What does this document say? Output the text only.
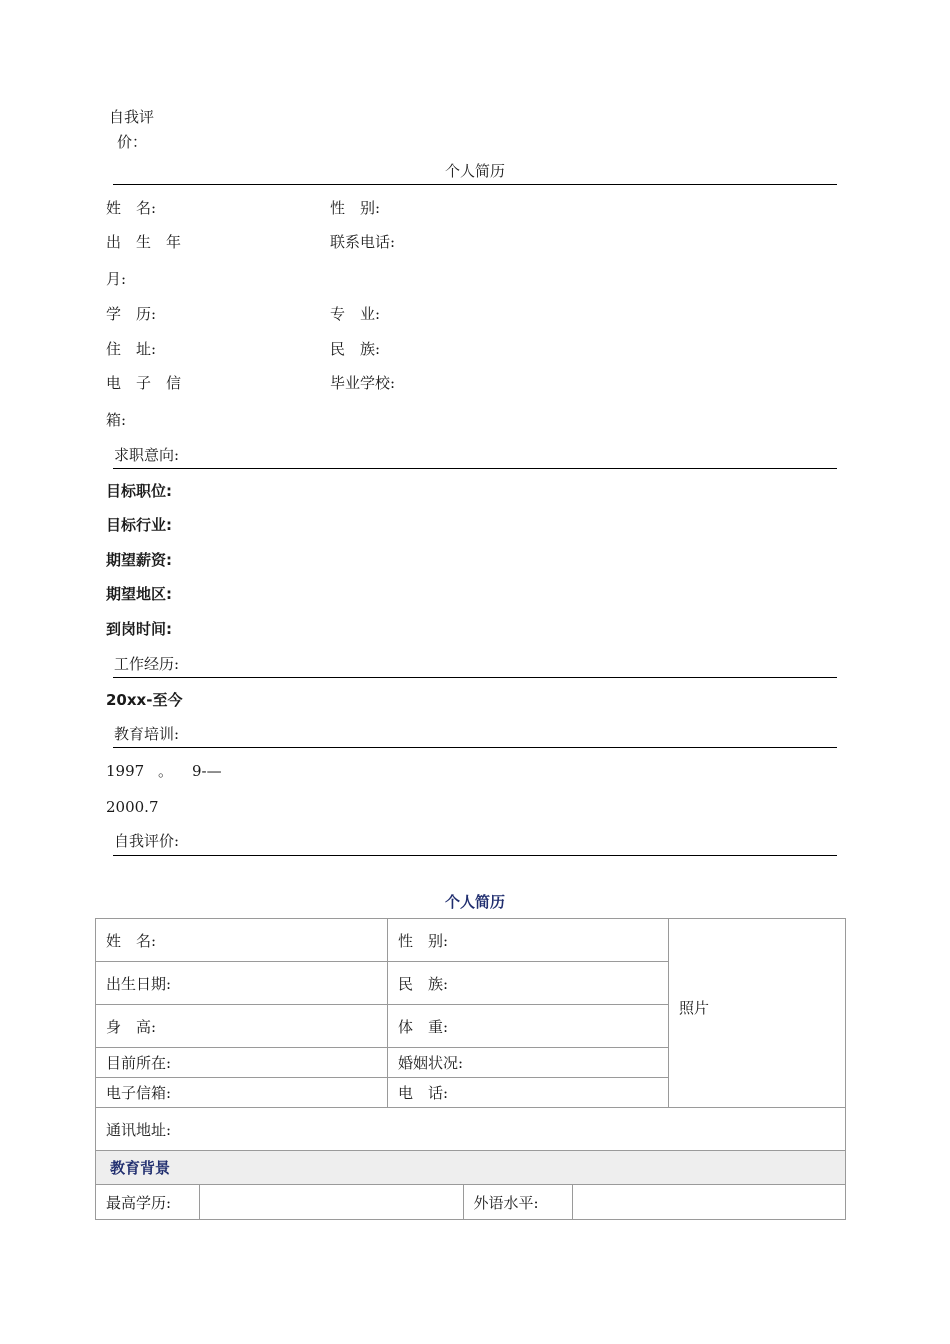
自我评
价：
个人简历
姓　名:	性　别:
出　生　年	联系电话:
月:
学　历:	专　业:
住　址:	民　族:
电　子　信	毕业学校:
箱:
求职意向:
目标职位:
目标行业:
期望薪资:
期望地区:
到岗时间:
工作经历:
20xx-至今
教育培训:
1997 。 9-—
2000.7
自我评价:
个人简历
姓　名:	性　别:	照片
出生日期:	民　族:
身　高:	体　重:
目前所在:	婚姻状况:
电子信箱:	电　话:
通讯地址:
教育背景

最高学历:		外语水平:	
